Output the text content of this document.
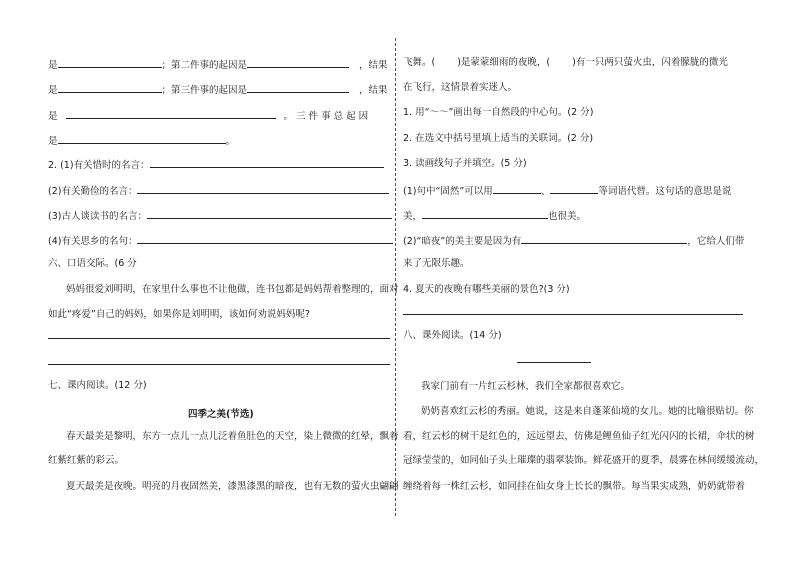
是	；第二件事的起因是	，结果
是	；第三件事的起因是	，结果
是	。 三 件 事 总 起 因
是	。
2. (1)有关惜时的名言：
(2)有关勤俭的名言：
(3)古人谈读书的名言：
(4)有关思乡的名句：
六、口语交际。(6 分
妈妈很爱刘明明，在家里什么事也不让他做，连书包都是妈妈帮着整理的，面对
如此“疼爱”自己的妈妈，如果你是刘明明，该如何劝说妈妈呢?
七、课内阅读。(12 分)
四季之美(节选)
春天最美是黎明，东方一点儿一点儿泛着鱼肚色的天空，染上微微的红晕，飘着
红紫红紫的彩云。
夏天最美是夜晚。明亮的月夜固然美，漆黑漆黑的暗夜，也有无数的萤火虫翩翩
飞舞。( )是蒙蒙细雨的夜晚，( )有一只两只萤火虫，闪着朦胧的微光
在飞行，这情景着实迷人。
1. 用“～～”画出每一自然段的中心句。(2 分)
2. 在选文中括号里填上适当的关联词。(2 分)
3. 读画线句子并填空。(5 分)
(1)句中“固然”可以用	、	等词语代替。这句话的意思是说
美，	也很美。
(2)“暗夜”的美主要是因为有	，它给人们带
来了无限乐趣。
4. 夏天的夜晚有哪些美丽的景色?(3 分)
八、课外阅读。(14 分)
我家门前有一片红云杉林，我们全家都很喜欢它。
奶奶喜欢红云杉的秀丽。她说，这是来自蓬莱仙境的女儿。她的比喻很贴切。你
看，红云杉的树干是红色的，远远望去，仿佛是鲤鱼仙子红光闪闪的长裙，伞状的树
冠绿莹莹的，如同仙子头上璀璨的翡翠装饰。鲜花盛开的夏季，晨雾在林间缓缓流动，
缠绕着每一株红云杉，如同挂在仙女身上长长的飘带。每当果实成熟，奶奶就带着
